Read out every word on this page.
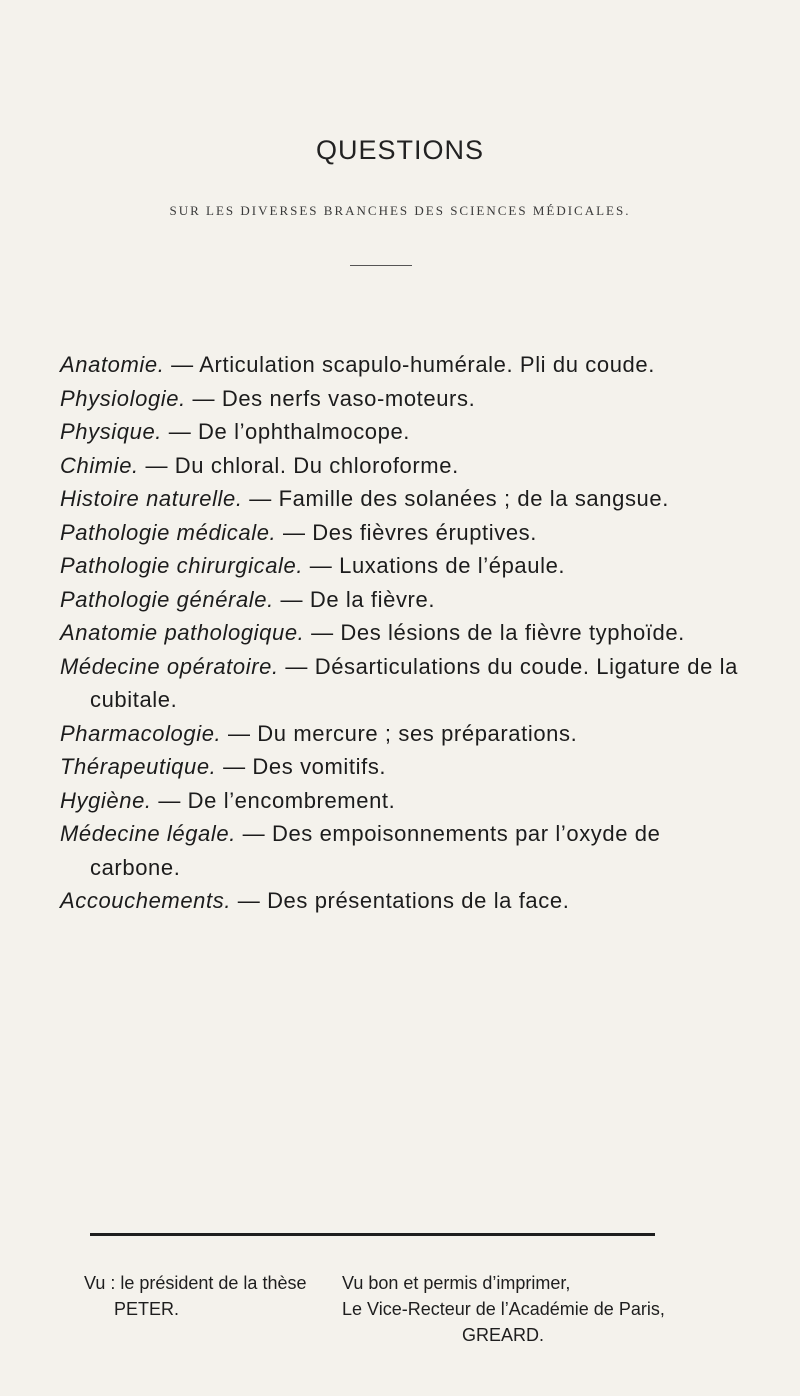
QUESTIONS
SUR LES DIVERSES BRANCHES DES SCIENCES MÉDICALES.

Anatomie. — Articulation scapulo-humérale. Pli du coude.

Physiologie. — Des nerfs vaso-moteurs.

Physique. — De l’ophthalmocope.

Chimie. — Du chloral. Du chloroforme.

Histoire naturelle. — Famille des solanées ; de la sangsue.

Pathologie médicale. — Des fièvres éruptives.

Pathologie chirurgicale. — Luxations de l’épaule.

Pathologie générale. — De la fièvre.

Anatomie pathologique. — Des lésions de la fièvre typhoïde.

Médecine opératoire. — Désarticulations du coude. Ligature de la cubitale.

Pharmacologie. — Du mercure ; ses préparations.

Thérapeutique. — Des vomitifs.

Hygiène. — De l’encombrement.

Médecine légale. — Des empoisonnements par l’oxyde de carbone.

Accouchements. — Des présentations de la face.

Vu : le président de la thèse
PETER.
Vu bon et permis d’imprimer,
Le Vice-Recteur de l’Académie de Paris,
GREARD.
